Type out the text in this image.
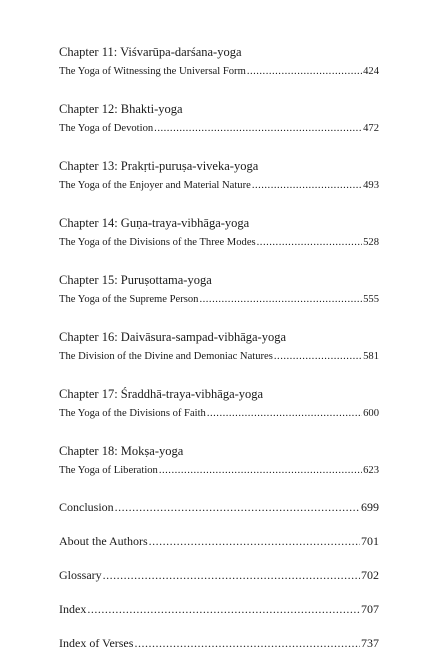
Chapter 11: Viśvarūpa-darśana-yoga
The Yoga of Witnessing the Universal Form .....	424
Chapter 12: Bhakti-yoga
The Yoga of Devotion .....	472
Chapter 13: Prakṛti-puruṣa-viveka-yoga
The Yoga of the Enjoyer and Material Nature .....	493
Chapter 14: Guṇa-traya-vibhāga-yoga
The Yoga of the Divisions of the Three Modes .....	528
Chapter 15: Puruṣottama-yoga
The Yoga of the Supreme Person .....	555
Chapter 16: Daivāsura-sampad-vibhāga-yoga
The Division of the Divine and Demoniac Natures .....	581
Chapter 17: Śraddhā-traya-vibhāga-yoga
The Yoga of the Divisions of Faith .....	600
Chapter 18: Mokṣa-yoga
The Yoga of Liberation .....	623
Conclusion .....	699
About the Authors .....	701
Glossary .....	702
Index .....	707
Index of Verses .....	737
